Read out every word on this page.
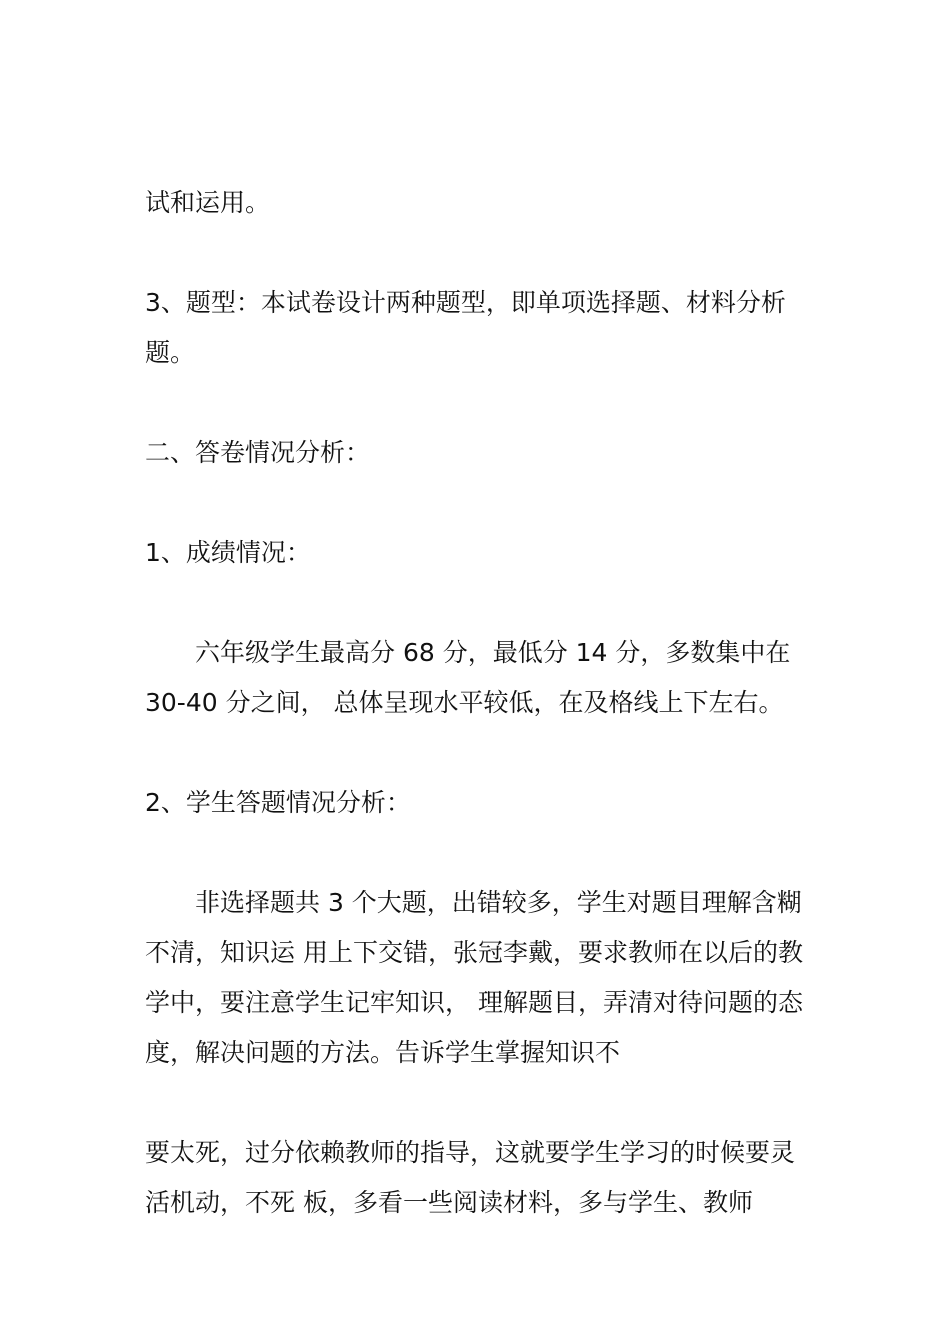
试和运用。

3、题型：本试卷设计两种题型，即单项选择题、材料分析题。

二、答卷情况分析：

1、成绩情况：

六年级学生最高分 68 分，最低分 14 分，多数集中在 30-40 分之间， 总体呈现水平较低，在及格线上下左右。

2、学生答题情况分析：

非选择题共 3 个大题，出错较多，学生对题目理解含糊不清，知识运 用上下交错，张冠李戴，要求教师在以后的教学中，要注意学生记牢知识， 理解题目，弄清对待问题的态度，解决问题的方法。告诉学生掌握知识不

要太死，过分依赖教师的指导，这就要学生学习的时候要灵活机动，不死 板，多看一些阅读材料，多与学生、教师
